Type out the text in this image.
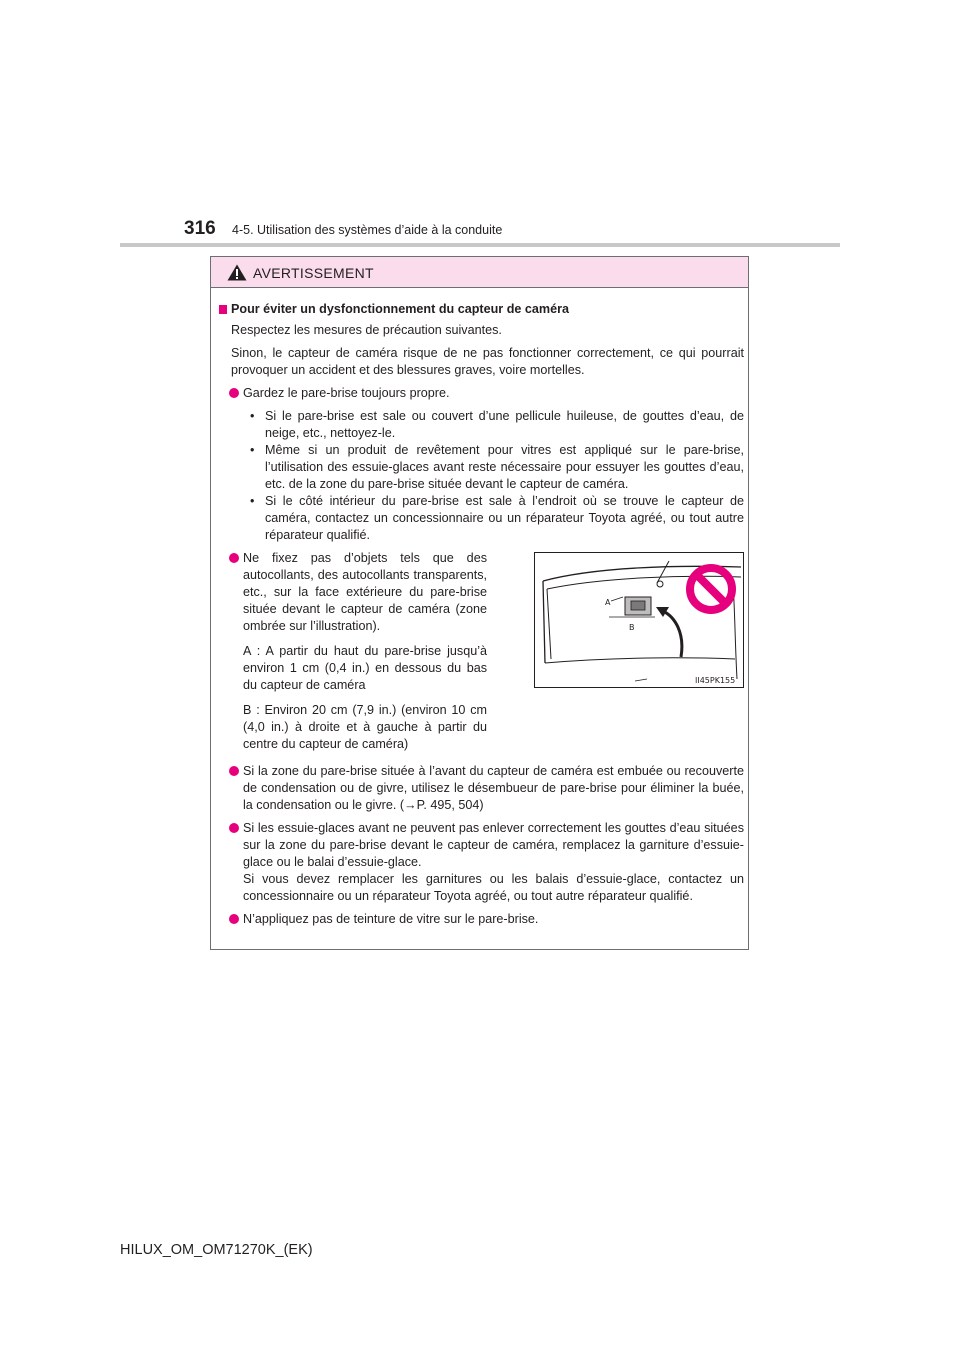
316 4-5. Utilisation des systèmes d’aide à la conduite
AVERTISSEMENT
Pour éviter un dysfonctionnement du capteur de caméra
Respectez les mesures de précaution suivantes.
Sinon, le capteur de caméra risque de ne pas fonctionner correctement, ce qui pourrait provoquer un accident et des blessures graves, voire mortelles.
Gardez le pare-brise toujours propre.
• Si le pare-brise est sale ou couvert d’une pellicule huileuse, de gouttes d’eau, de neige, etc., nettoyez-le.
• Même si un produit de revêtement pour vitres est appliqué sur le pare-brise, l’utilisation des essuie-glaces avant reste nécessaire pour essuyer les gouttes d’eau, etc. de la zone du pare-brise située devant le capteur de caméra.
• Si le côté intérieur du pare-brise est sale à l’endroit où se trouve le capteur de caméra, contactez un concessionnaire ou un réparateur Toyota agréé, ou tout autre réparateur qualifié.
Ne fixez pas d’objets tels que des autocollants, des autocollants transparents, etc., sur la face extérieure du pare-brise située devant le capteur de caméra (zone ombrée sur l’illustration).
A : A partir du haut du pare-brise jusqu’à environ 1 cm (0,4 in.) en dessous du bas du capteur de caméra
B : Environ 20 cm (7,9 in.) (environ 10 cm (4,0 in.) à droite et à gauche à partir du centre du capteur de caméra)
A
B
II45PK155
Si la zone du pare-brise située à l’avant du capteur de caméra est embuée ou recouverte de condensation ou de givre, utilisez le désembueur de pare-brise pour éliminer la buée, la condensation ou le givre. (→P. 495, 504)
Si les essuie-glaces avant ne peuvent pas enlever correctement les gouttes d’eau situées sur la zone du pare-brise devant le capteur de caméra, remplacez la garniture d’essuie-glace ou le balai d’essuie-glace.
Si vous devez remplacer les garnitures ou les balais d’essuie-glace, contactez un concessionnaire ou un réparateur Toyota agréé, ou tout autre réparateur qualifié.
N’appliquez pas de teinture de vitre sur le pare-brise.
HILUX_OM_OM71270K_(EK)
